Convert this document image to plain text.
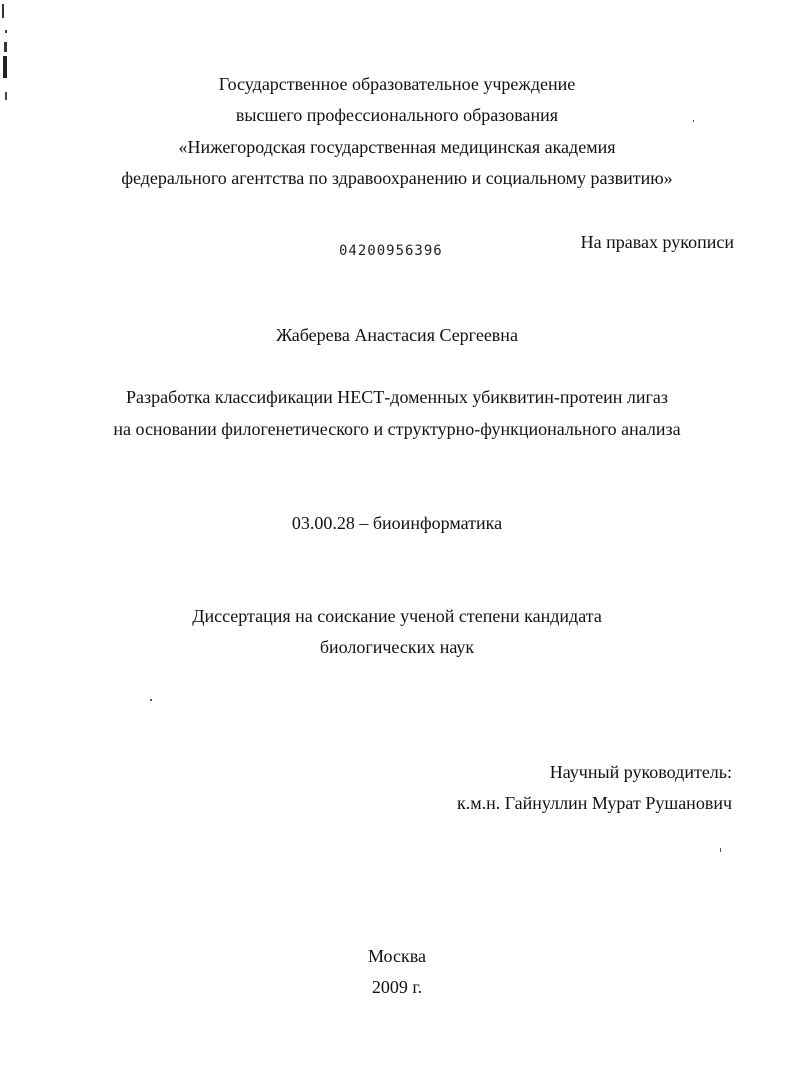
Государственное образовательное учреждение
высшего профессионального образования
«Нижегородская государственная медицинская академия
федерального агентства по здравоохранению и социальному развитию»
04200956396	На правах рукописи
Жаберева Анастасия Сергеевна
Разработка классификации НЕСТ-доменных убиквитин-протеин лигаз
на основании филогенетического и структурно-функционального анализа
03.00.28 – биоинформатика
Диссертация на соискание ученой степени кандидата
биологических наук
Научный руководитель:
к.м.н. Гайнуллин Мурат Рушанович
Москва
2009 г.
